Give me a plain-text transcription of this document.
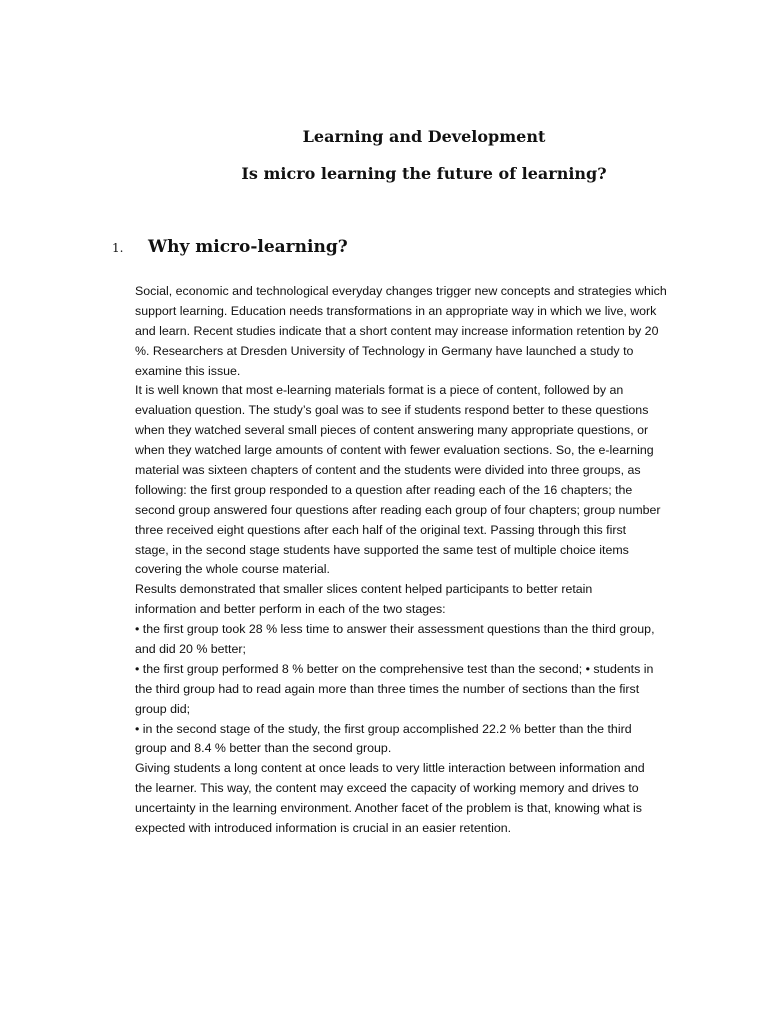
Learning and Development
Is micro learning the future of learning?
1.	Why micro-learning?
Social, economic and technological everyday changes trigger new concepts and strategies which
support learning. Education needs transformations in an appropriate way in which we live, work
and learn. Recent studies indicate that a short content may increase information retention by 20
%. Researchers at Dresden University of Technology in Germany have launched a study to
examine this issue.
It is well known that most e-learning materials format is a piece of content, followed by an
evaluation question. The study’s goal was to see if students respond better to these questions
when they watched several small pieces of content answering many appropriate questions, or
when they watched large amounts of content with fewer evaluation sections. So, the e-learning
material was sixteen chapters of content and the students were divided into three groups, as
following: the first group responded to a question after reading each of the 16 chapters; the
second group answered four questions after reading each group of four chapters; group number
three received eight questions after each half of the original text. Passing through this first
stage, in the second stage students have supported the same test of multiple choice items
covering the whole course material.
Results demonstrated that smaller slices content helped participants to better retain
information and better perform in each of the two stages:
• the first group took 28 % less time to answer their assessment questions than the third group,
and did 20 % better;
• the first group performed 8 % better on the comprehensive test than the second; • students in
the third group had to read again more than three times the number of sections than the first
group did;
• in the second stage of the study, the first group accomplished 22.2 % better than the third
group and 8.4 % better than the second group.
Giving students a long content at once leads to very little interaction between information and
the learner. This way, the content may exceed the capacity of working memory and drives to
uncertainty in the learning environment. Another facet of the problem is that, knowing what is
expected with introduced information is crucial in an easier retention.
